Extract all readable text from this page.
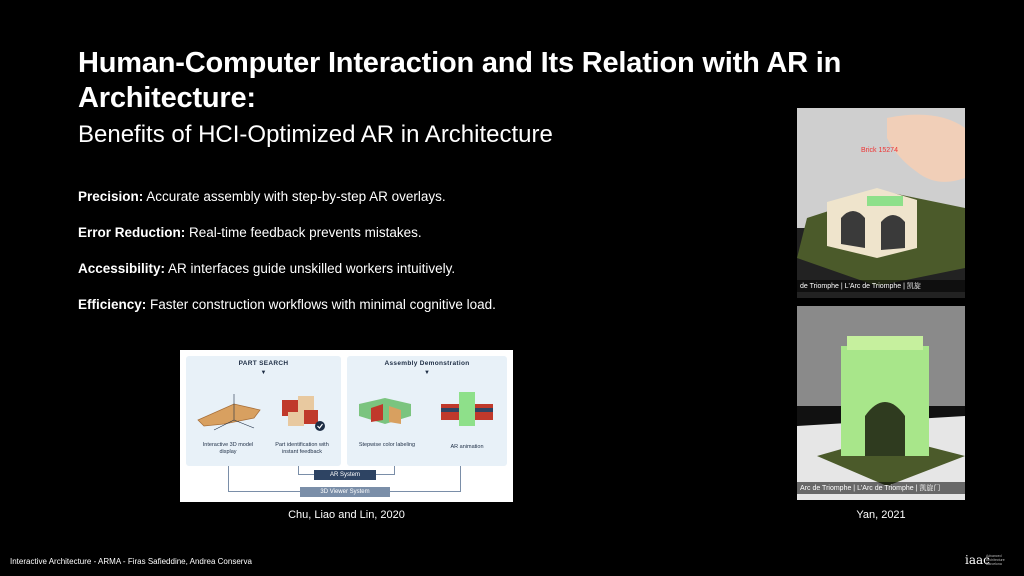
Human-Computer Interaction and Its Relation with AR in Architecture:
Benefits of HCI-Optimized AR in Architecture
Precision: Accurate assembly with step-by-step AR overlays.
Error Reduction: Real-time feedback prevents mistakes.
Accessibility: AR interfaces guide unskilled workers intuitively.
Efficiency: Faster construction workflows with minimal cognitive load.
PART SEARCH
▼
Interactive 3D model display
Part identification with instant feedback
Assembly Demonstration
▼
Stepwise color labeling	AR animation
AR System
3D Viewer System
Chu, Liao and Lin, 2020
Brick 15274
de Triomphe | L'Arc de Triomphe | 凯旋
Arc de Triomphe | L'Arc de Triomphe | 凯旋门
Yan, 2021
Interactive Architecture - ARMA - Firas Safieddine, Andrea Conserva	iaac
Advanced Architecture Barcelona
